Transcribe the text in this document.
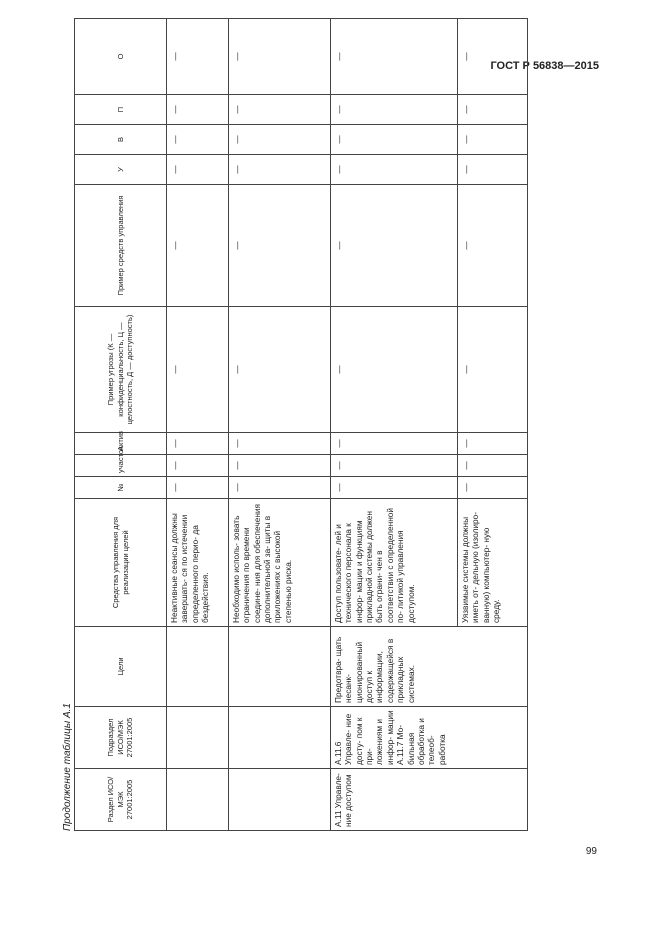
ГОСТ Р 56838—2015
Продолжение таблицы А.1	Раздел ИСО/МЭК 27001:2005	Подраздел ИСО/МЭК 27001:2005	Цели	Средства управления для реализации целей	№	участок	Актив	Пример угрозы (К — конфиденциальность, Ц — целостность, Д — доступность)	Пример средств управления	У	В	П	О
			Неактивные сеансы должны завершать- ся по истечении определенного перио- да бездействия.	—	—	—	—	—	—	—	—	—
			Необходимо исполь- зовать ограничения по времени соедине- ния для обеспечения дополнительной за- щиты в приложениях с высокой степенью риска.	—	—	—	—	—	—	—	—	—
А.11 Управле- ние доступом	А.11.6 Управле- ние досту- пом к при- ложениям и инфор- мации А.11.7 Мо- бильная обработка и телеоб- работка	Предотвра- щать несанк- ционированный доступ к информации, содержащейся в прикладных системах.	Доступ пользовате- лей и технического персонала к инфор- мации и функциям прикладной системы должен быть ограни- чен в соответствии с определенной по- литикой управления доступом.	—	—	—	—	—	—	—	—	—
			Уязвимые системы должны иметь от- дельную (изолиро- ванную) компьютер- ную среду.	—	—	—	—	—	—	—	—	—
99
